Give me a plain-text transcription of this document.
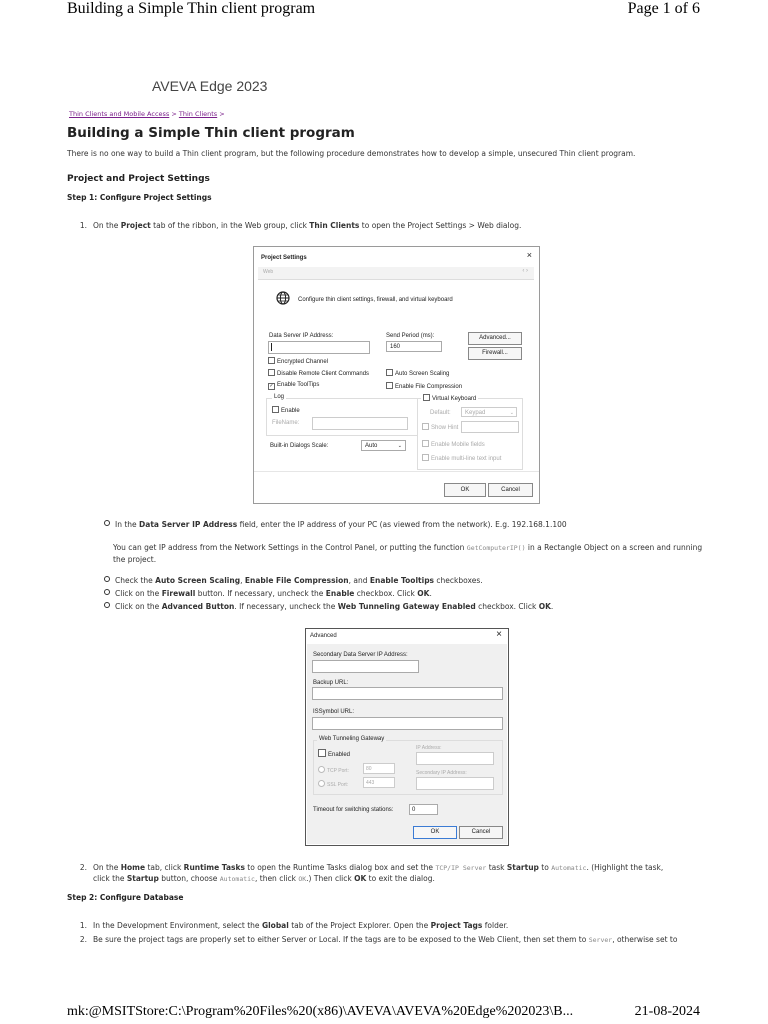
Building a Simple Thin client program	Page 1 of 6
AVEVA Edge 2023
Thin Clients and Mobile Access > Thin Clients >
Building a Simple Thin client program
There is no one way to build a Thin client program, but the following procedure demonstrates how to develop a simple, unsecured Thin client program.
Project and Project Settings
Step 1: Configure Project Settings
1. On the Project tab of the ribbon, in the Web group, click Thin Clients to open the Project Settings > Web dialog.
Project Settings	×
Web	‹ ›
Configure thin client settings, firewall, and virtual keyboard
Data Server IP Address:	Send Period (ms):
160
Advanced...
Firewall...
Encrypted Channel
Disable Remote Client Commands	Auto Screen Scaling
✓ Enable ToolTips	Enable File Compression
Log
Enable
FileName:
Virtual Keyboard
Default:	Keypad	⌄
Show Hint
Enable Mobile fields
Enable multi-line text input
Built-in Dialogs Scale:	Auto	⌄
OK	Cancel
In the Data Server IP Address field, enter the IP address of your PC (as viewed from the network). E.g. 192.168.1.100
You can get IP address from the Network Settings in the Control Panel, or putting the function GetComputerIP() in a Rectangle Object on a screen and running the project.
Check the Auto Screen Scaling, Enable File Compression, and Enable Tooltips checkboxes.
Click on the Firewall button. If necessary, uncheck the Enable checkbox. Click OK.
Click on the Advanced Button. If necessary, uncheck the Web Tunneling Gateway Enabled checkbox. Click OK.
Advanced	×
Secondary Data Server IP Address:
Backup URL:
ISSymbol URL:
Web Tunneling Gateway
Enabled
IP Address:
TCP Port:	80
SSL Port:	443
Secondary IP Address:
Timeout for switching stations:	0
OK	Cancel
2. On the Home tab, click Runtime Tasks to open the Runtime Tasks dialog box and set the TCP/IP Server task Startup to Automatic. (Highlight the task,
click the Startup button, choose Automatic, then click OK.) Then click OK to exit the dialog.
Step 2: Configure Database
1. In the Development Environment, select the Global tab of the Project Explorer. Open the Project Tags folder.
2. Be sure the project tags are properly set to either Server or Local. If the tags are to be exposed to the Web Client, then set them to Server, otherwise set to
mk:@MSITStore:C:\Program%20Files%20(x86)\AVEVA\AVEVA%20Edge%202023\B...	21-08-2024
